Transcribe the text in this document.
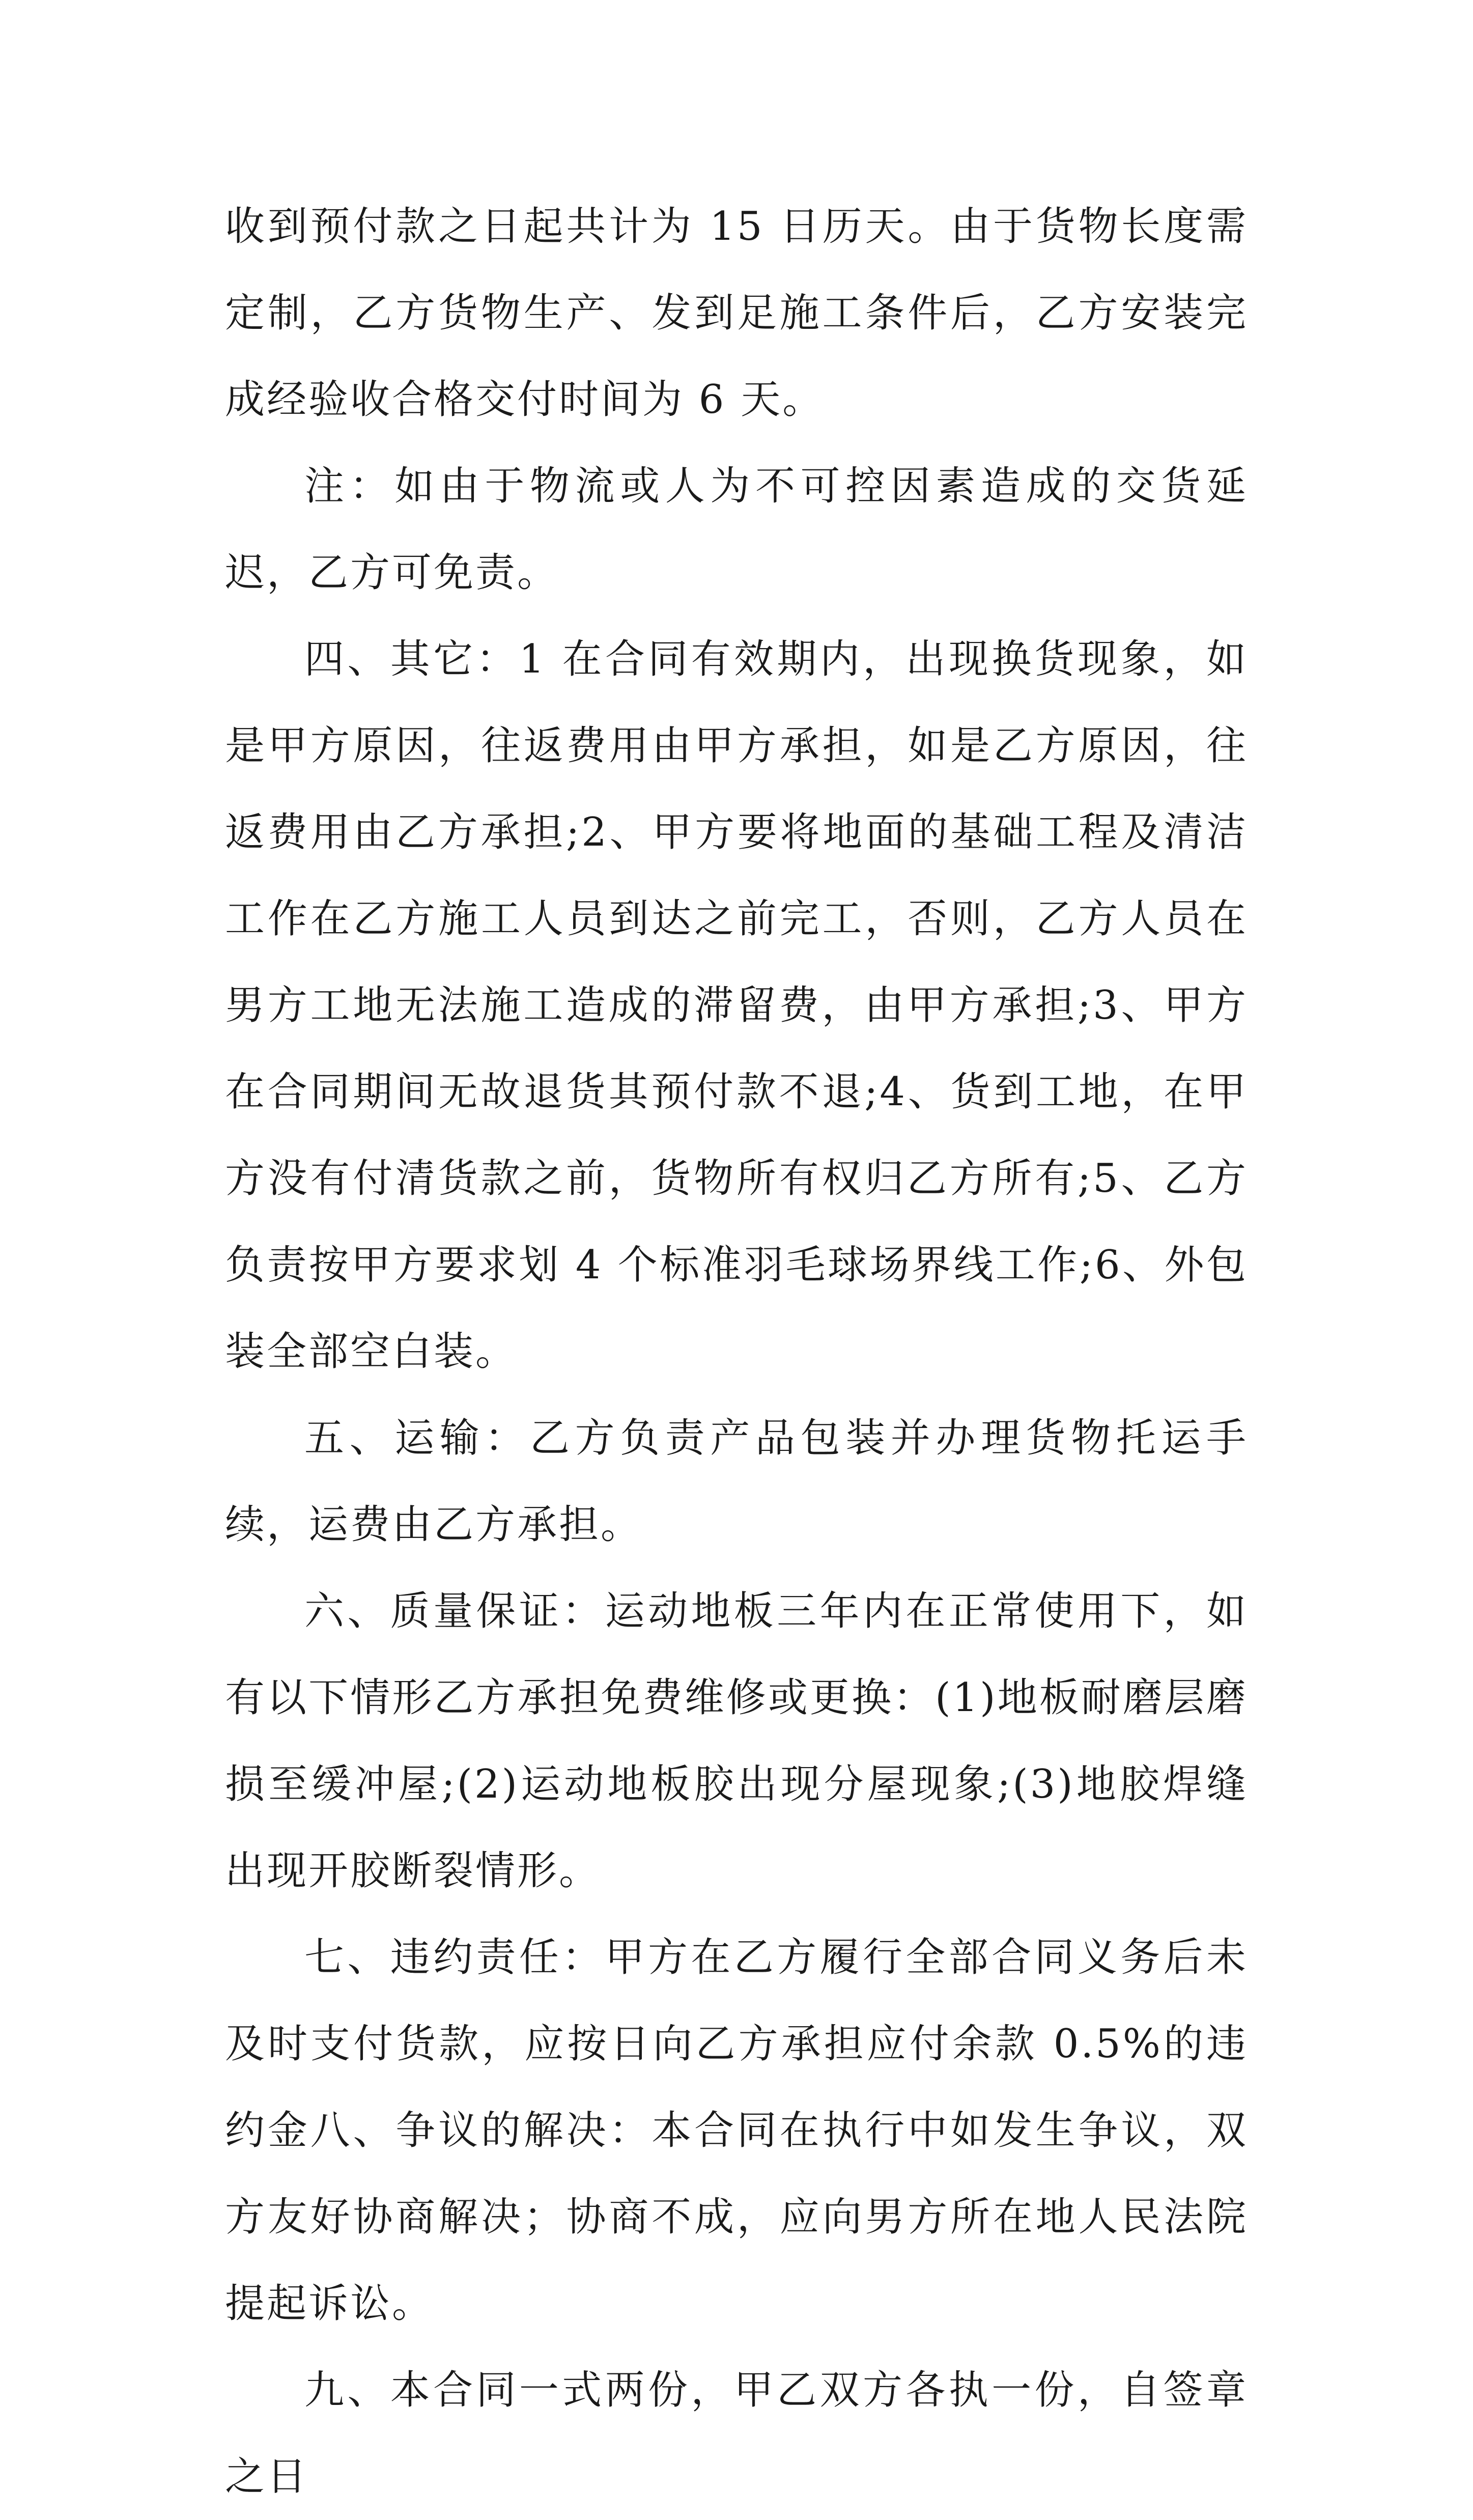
收到预付款之日起共计为 15 日历天。由于货物长度需定制，乙方货物生产、发到足施工条件后，乙方安装完成经验收合格交付时间为 6 天。

注：如由于物流或人为不可控因素造成的交货延迟，乙方可免责。

四、其它：1 在合同有效期内，出现换货现象，如是甲方原因，往返费用由甲方承担，如是乙方原因，往返费用由乙方承担;2、甲方要将地面的基础工程及清洁工作在乙方施工人员到达之前完工，否则，乙方人员在男方工地无法施工造成的滞留费，由甲方承担;3、甲方在合同期间无故退货其预付款不退;4、货到工地，在甲方没有付清货款之前，货物所有权归乙方所有;5、乙方负责按甲方要求划 4 个标准羽毛球场界线工作;6、外包装全部空白装。

五、运输：乙方负责产品包装并办理货物托运手续，运费由乙方承担。

六、质量保证：运动地板三年内在正常使用下，如有以下情形乙方承担免费维修或更换：(1)地板耐磨层磨损至缓冲屋;(2)运动地板胶出现分屋现象;(3)地胶焊缝出现开胶断裂情形。

七、违约责任：甲方在乙方履行全部合同义务后未及时支付货款，应按日向乙方承担应付余款 0.5%的违约金八、争议的解决：本合同在执行中如发生争议，双方友好协商解决；协商不成，应向男方所在地人民法院提起诉讼。

九、本合同一式两份，甲乙双方各执一份，自签章之日
